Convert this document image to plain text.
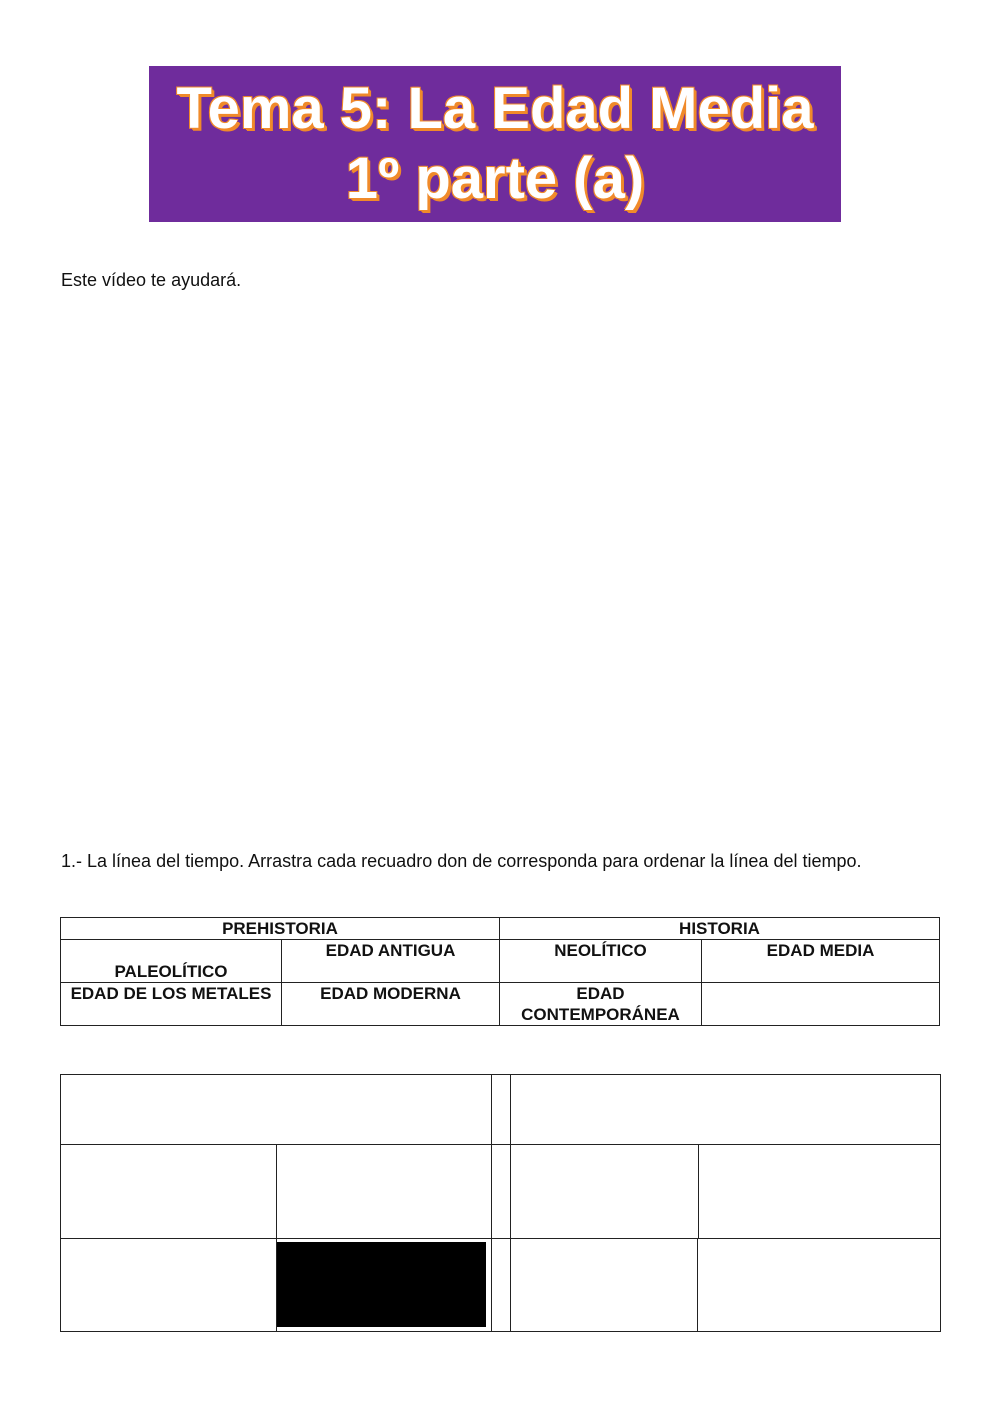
Tema 5: La Edad Media
1º parte (a)
Este vídeo te ayudará.
1.- La línea del tiempo. Arrastra cada recuadro don de corresponda para ordenar la línea del tiempo.
PREHISTORIA		HISTORIA	
PALEOLÍTICO	EDAD ANTIGUA	NEOLÍTICO	EDAD MEDIA
EDAD DE LOS METALES	EDAD MODERNA	EDAD CONTEMPORÁNEA	
